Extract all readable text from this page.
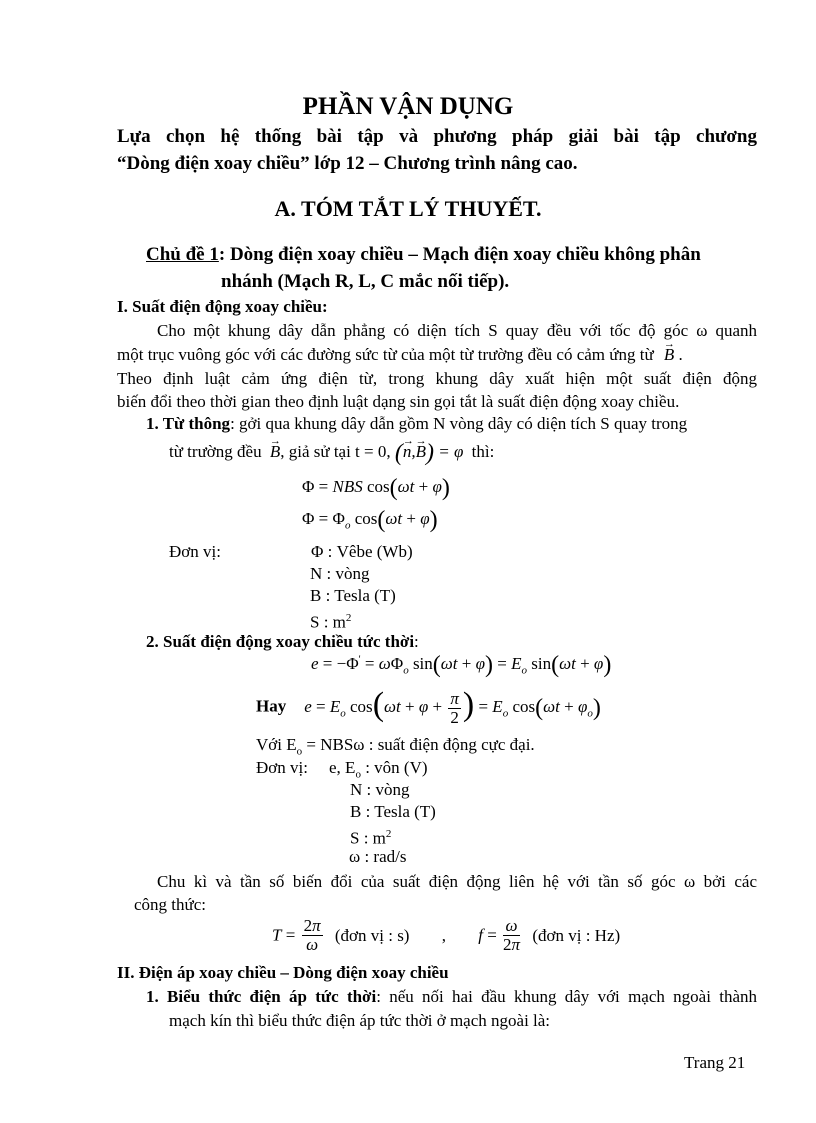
PHẦN VẬN DỤNG
Lựa chọn hệ thống bài tập và phương pháp giải bài tập chương
“Dòng điện xoay chiều” lớp 12 – Chương trình nâng cao.
A. TÓM TẮT LÝ THUYẾT.
Chủ đề 1: Dòng điện xoay chiều – Mạch điện xoay chiều không phân
nhánh (Mạch R, L, C mắc nối tiếp).
I. Suất điện động xoay chiều:
Cho một khung dây dẫn phẳng có diện tích S quay đều với tốc độ góc ω quanh
một trục vuông góc với các đường sức từ của một từ trường đều có cảm ứng từ → B .
Theo định luật cảm ứng điện từ, trong khung dây xuất hiện một suất điện động
biến đổi theo thời gian theo định luật dạng sin gọi tắt là suất điện động xoay chiều.
1. Từ thông: gởi qua khung dây dẫn gồm N vòng dây có diện tích S quay trong
từ trường đều → B, giả sử tại t = 0, (→ n,→ B) = φ thì:
Φ = NBS cos(ωt + φ)
$\Phi = \Phi_o$ cos(ωt + φ)
Đơn vị:	Φ : Vêbe (Wb)
N : vòng
B : Tesla (T)
S : $m^2$
2. Suất điện động xoay chiều tức thời:
$e = -\Phi' = \omega\Phi_o$ $\sin(\omega t + \varphi) = E_o$ sin(ωt + φ)
Hay $e = E_o$ $\cos(\omega t + \varphi + \frac{\pi}{2}$ ) = $E_o$ $\cos(\omega t + \varphi_o)$
Với $E_o = NBS\omega$ : suất điện động cực đại.
Đơn vị: e, $E_o$ : vôn (V)
N : vòng
B : Tesla (T)
S : $m^2$
ω : rad/s
Chu kì và tần số biến đổi của suất điện động liên hệ với tần số góc ω bởi các
công thức:
$T = \frac{2\pi}{\omega}$ (đơn vị : s) , $f = \frac{\omega}{2\pi}$ (đơn vị : Hz)
II. Điện áp xoay chiều – Dòng điện xoay chiều
1. Biểu thức điện áp tức thời: nếu nối hai đầu khung dây với mạch ngoài thành
mạch kín thì biểu thức điện áp tức thời ở mạch ngoài là:
Trang 21
